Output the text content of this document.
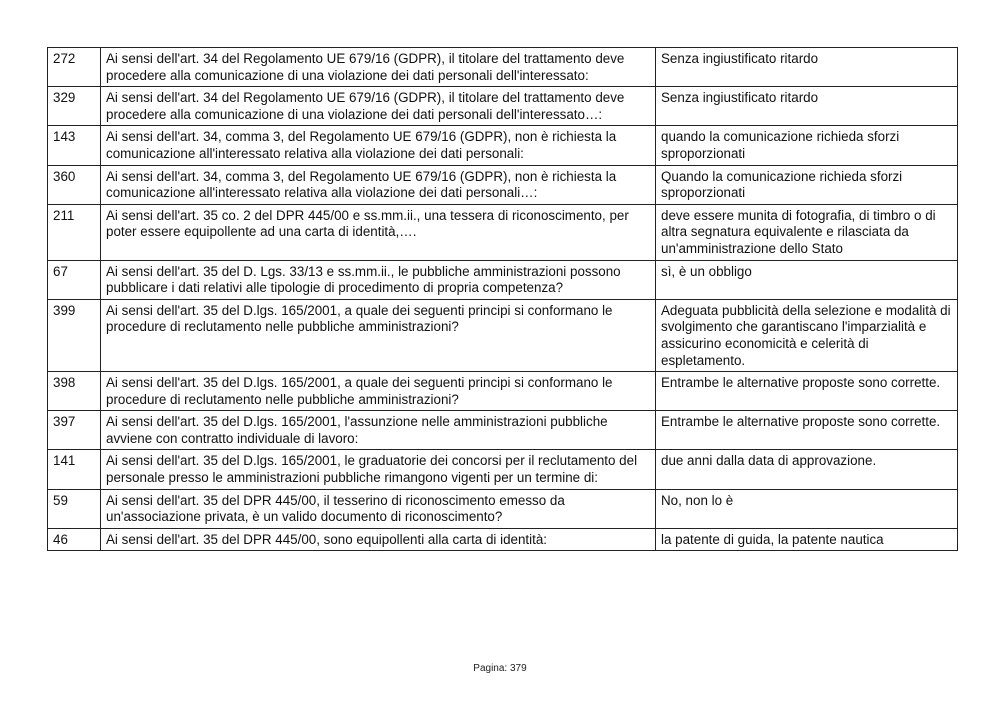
272	Ai sensi dell'art. 34 del Regolamento UE 679/16 (GDPR), il titolare del trattamento deve procedere alla comunicazione di una violazione dei dati personali dell'interessato:	Senza ingiustificato ritardo
329	Ai sensi dell'art. 34 del Regolamento UE 679/16 (GDPR), il titolare del trattamento deve procedere alla comunicazione di una violazione dei dati personali dell'interessato…:	Senza ingiustificato ritardo
143	Ai sensi dell'art. 34, comma 3, del Regolamento UE 679/16 (GDPR), non è richiesta la comunicazione all'interessato relativa alla violazione dei dati personali:	quando la comunicazione richieda sforzi sproporzionati
360	Ai sensi dell'art. 34, comma 3, del Regolamento UE 679/16 (GDPR), non è richiesta la comunicazione all'interessato relativa alla violazione dei dati personali…:	Quando la comunicazione richieda sforzi sproporzionati
211	Ai sensi dell'art. 35 co. 2 del DPR 445/00 e ss.mm.ii., una tessera di riconoscimento, per poter essere equipollente ad una carta di identità,….	deve essere munita di fotografia, di timbro o di altra segnatura equivalente e rilasciata da un'amministrazione dello Stato
67	Ai sensi dell'art. 35 del D. Lgs. 33/13 e ss.mm.ii., le pubbliche amministrazioni possono pubblicare i dati relativi alle tipologie di procedimento di propria competenza?	sì, è un obbligo
399	Ai sensi dell'art. 35 del D.lgs. 165/2001, a quale dei seguenti principi si conformano le procedure di reclutamento nelle pubbliche amministrazioni?	Adeguata pubblicità della selezione e modalità di svolgimento che garantiscano l'imparzialità e assicurino economicità e celerità di espletamento.
398	Ai sensi dell'art. 35 del D.lgs. 165/2001, a quale dei seguenti principi si conformano le procedure di reclutamento nelle pubbliche amministrazioni?	Entrambe le alternative proposte sono corrette.
397	Ai sensi dell'art. 35 del D.lgs. 165/2001, l'assunzione nelle amministrazioni pubbliche avviene con contratto individuale di lavoro:	Entrambe le alternative proposte sono corrette.
141	Ai sensi dell'art. 35 del D.lgs. 165/2001, le graduatorie dei concorsi per il reclutamento del personale presso le amministrazioni pubbliche rimangono vigenti per un termine di:	due anni dalla data di approvazione.
59	Ai sensi dell'art. 35 del DPR 445/00, il tesserino di riconoscimento emesso da un'associazione privata, è un valido documento di riconoscimento?	No, non lo è
46	Ai sensi dell'art. 35 del DPR 445/00, sono equipollenti alla carta di identità:	la patente di guida, la patente nautica
Pagina: 379
